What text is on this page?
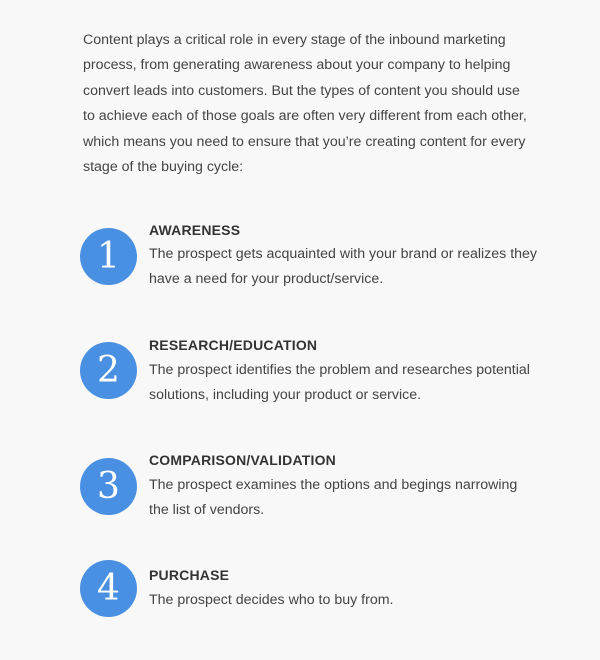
Content plays a critical role in every stage of the inbound marketing
process, from generating awareness about your company to helping
convert leads into customers. But the types of content you should use
to achieve each of those goals are often very different from each other,
which means you need to ensure that you’re creating content for every
stage of the buying cycle:

1
AWARENESS
The prospect gets acquainted with your brand or realizes they
have a need for your product/service.
2
RESEARCH/EDUCATION
The prospect identifies the problem and researches potential
solutions, including your product or service.
3
COMPARISON/VALIDATION
The prospect examines the options and begings narrowing
the list of vendors.
4	PURCHASE
The prospect decides who to buy from.
